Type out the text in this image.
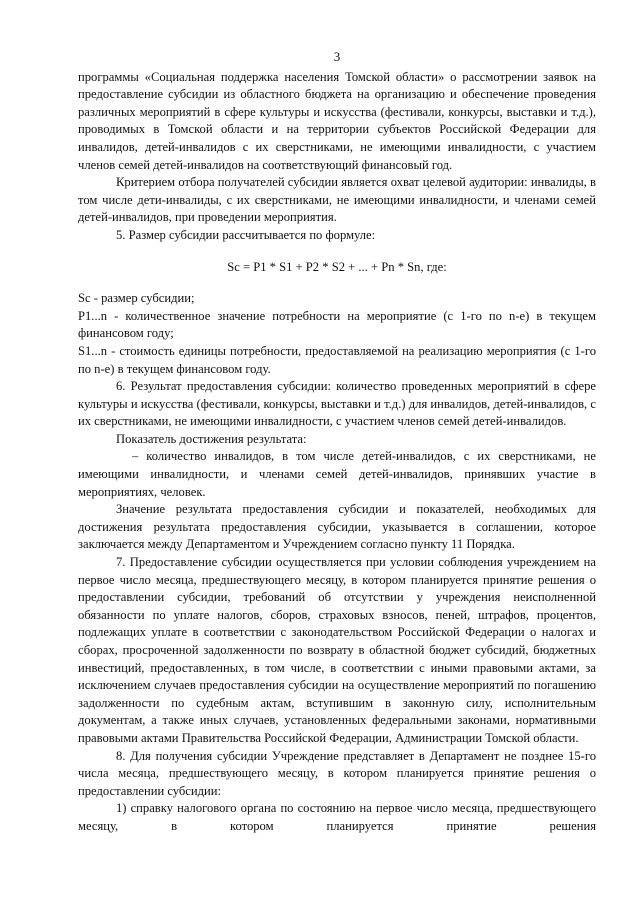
3

программы «Социальная поддержка населения Томской области» о рассмотрении заявок на предоставление субсидии из областного бюджета на организацию и обеспечение проведения различных мероприятий в сфере культуры и искусства (фестивали, конкурсы, выставки и т.д.), проводимых в Томской области и на территории субъектов Российской Федерации для инвалидов, детей-инвалидов с их сверстниками, не имеющими инвалидности, с участием членов семей детей-инвалидов на соответствующий финансовый год.

Критерием отбора получателей субсидии является охват целевой аудитории: инвалиды, в том числе дети-инвалиды, с их сверстниками, не имеющими инвалидности, и членами семей детей-инвалидов, при проведении мероприятия.

5. Размер субсидии рассчитывается по формуле:

Sc = P1 * S1 + P2 * S2 + ... + Pn * Sn, где:

Sc - размер субсидии;

P1...n - количественное значение потребности на мероприятие (с 1-го по n-е) в текущем финансовом году;

S1...n - стоимость единицы потребности, предоставляемой на реализацию мероприятия (с 1-го по n-е) в текущем финансовом году.

6. Результат предоставления субсидии: количество проведенных мероприятий в сфере культуры и искусства (фестивали, конкурсы, выставки и т.д.) для инвалидов, детей-инвалидов, с их сверстниками, не имеющими инвалидности, с участием членов семей детей-инвалидов.

Показатель достижения результата:

– количество инвалидов, в том числе детей-инвалидов, с их сверстниками, не имеющими инвалидности, и членами семей детей-инвалидов, принявших участие в мероприятиях, человек.

Значение результата предоставления субсидии и показателей, необходимых для достижения результата предоставления субсидии, указывается в соглашении, которое заключается между Департаментом и Учреждением согласно пункту 11 Порядка.

7. Предоставление субсидии осуществляется при условии соблюдения учреждением на первое число месяца, предшествующего месяцу, в котором планируется принятие решения о предоставлении субсидии, требований об отсутствии у учреждения неисполненной обязанности по уплате налогов, сборов, страховых взносов, пеней, штрафов, процентов, подлежащих уплате в соответствии с законодательством Российской Федерации о налогах и сборах, просроченной задолженности по возврату в областной бюджет субсидий, бюджетных инвестиций, предоставленных, в том числе, в соответствии с иными правовыми актами, за исключением случаев предоставления субсидии на осуществление мероприятий по погашению задолженности по судебным актам, вступившим в законную силу, исполнительным документам, а также иных случаев, установленных федеральными законами, нормативными правовыми актами Правительства Российской Федерации, Администрации Томской области.

8. Для получения субсидии Учреждение представляет в Департамент не позднее 15-го числа месяца, предшествующего месяцу, в котором планируется принятие решения о предоставлении субсидии:

1) справку налогового органа по состоянию на первое число месяца, предшествующего месяцу, в котором планируется принятие решения
